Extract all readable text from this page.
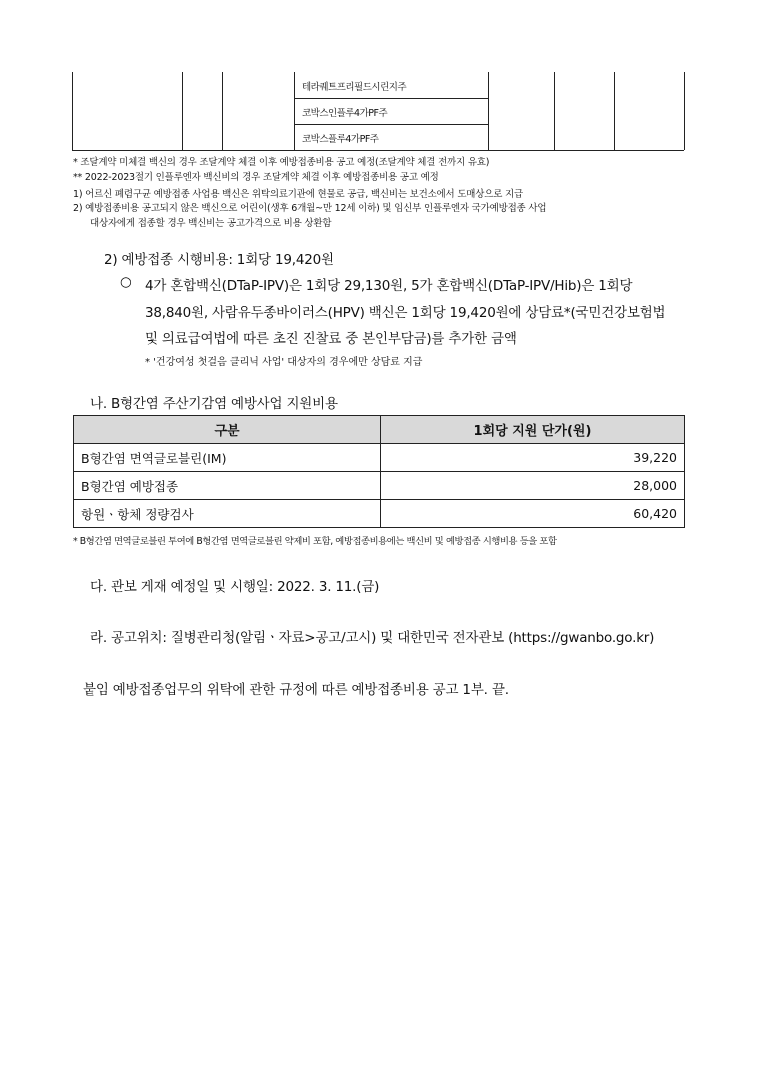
테라퀘트프리필드시린지주
코박스인플루4가PF주
코박스플루4가PF주
* 조달계약 미체결 백신의 경우 조달계약 체결 이후 예방접종비용 공고 예정(조달계약 체결 전까지 유효)
** 2022-2023절기 인플루엔자 백신비의 경우 조달계약 체결 이후 예방접종비용 공고 예정
1) 어르신 폐렴구균 예방접종 사업용 백신은 위탁의료기관에 현물로 공급, 백신비는 보건소에서 도매상으로 지급
2) 예방접종비용 공고되지 않은 백신으로 어린이(생후 6개월~만 12세 이하) 및 임신부 인플루엔자 국가예방접종 사업
대상자에게 접종할 경우 백신비는 공고가격으로 비용 상환함
2) 예방접종 시행비용: 1회당 19,420원
○ 4가 혼합백신(DTaP-IPV)은 1회당 29,130원, 5가 혼합백신(DTaP-IPV/Hib)은 1회당
38,840원, 사람유두종바이러스(HPV) 백신은 1회당 19,420원에 상담료*(국민건강보험법
및 의료급여법에 따른 초진 진찰료 중 본인부담금)를 추가한 금액
* '건강여성 첫걸음 클리닉 사업' 대상자의 경우에만 상담료 지급
나. B형간염 주산기감염 예방사업 지원비용
구분	1회당 지원 단가(원)
B형간염 면역글로블린(IM)	39,220
B형간염 예방접종	28,000
항원ㆍ항체 정량검사	60,420
* B형간염 면역글로블린 투여에 B형간염 면역글로블린 약제비 포함, 예방접종비용에는 백신비 및 예방접종 시행비용 등을 포함
다. 관보 게재 예정일 및 시행일: 2022. 3. 11.(금)
라. 공고위치: 질병관리청(알림ㆍ자료>공고/고시) 및 대한민국 전자관보 (https://gwanbo.go.kr)
붙임 예방접종업무의 위탁에 관한 규정에 따른 예방접종비용 공고 1부. 끝.
